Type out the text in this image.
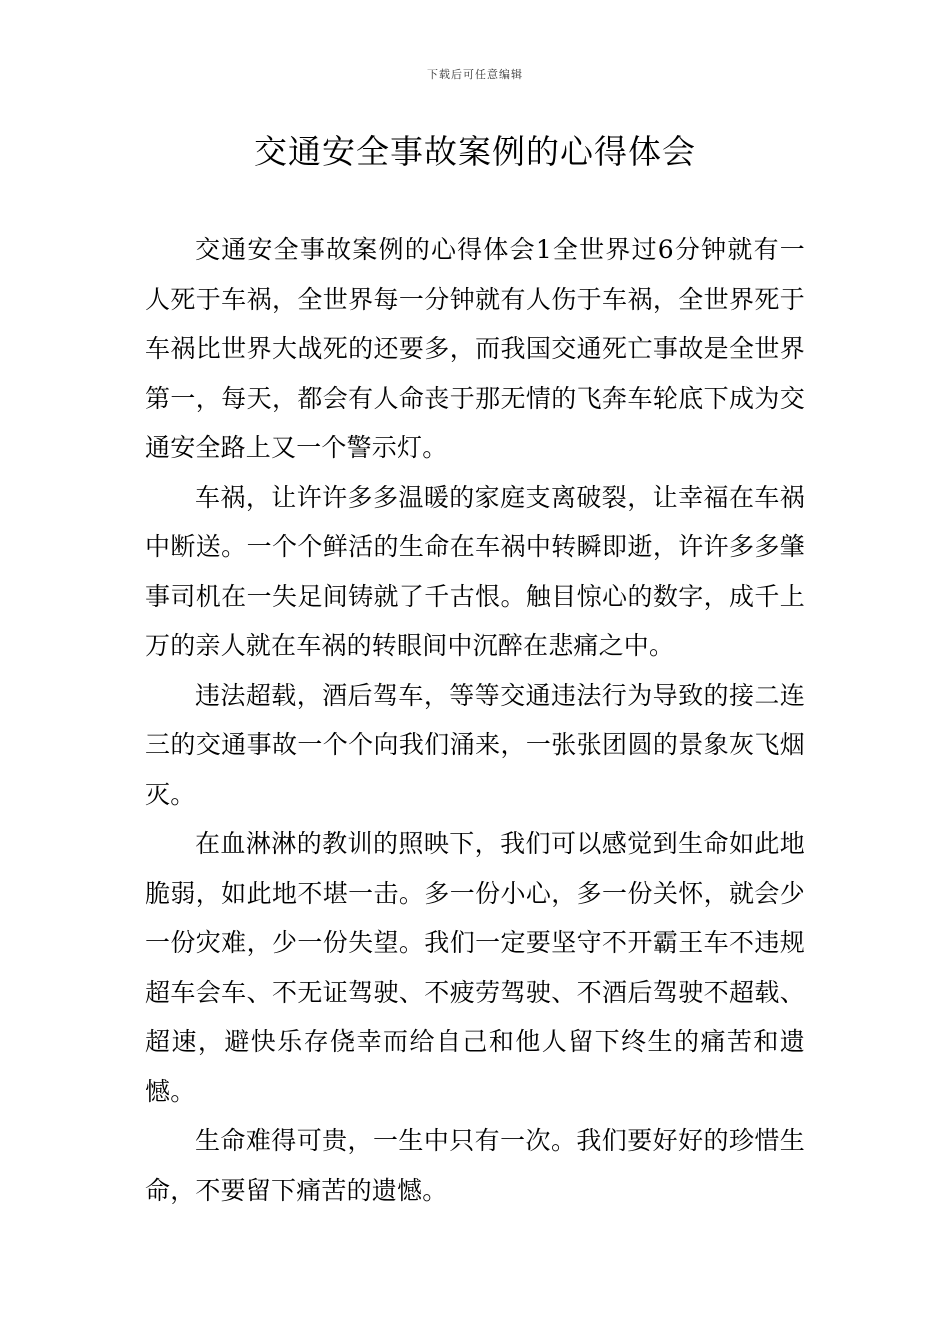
下载后可任意编辑
交通安全事故案例的心得体会

交通安全事故案例的心得体会1全世界过6分钟就有一人死于车祸，全世界每一分钟就有人伤于车祸，全世界死于车祸比世界大战死的还要多，而我国交通死亡事故是全世界第一，每天，都会有人命丧于那无情的飞奔车轮底下成为交通安全路上又一个警示灯。

车祸，让许许多多温暖的家庭支离破裂，让幸福在车祸中断送。一个个鲜活的生命在车祸中转瞬即逝，许许多多肇事司机在一失足间铸就了千古恨。触目惊心的数字，成千上万的亲人就在车祸的转眼间中沉醉在悲痛之中。

违法超载，酒后驾车，等等交通违法行为导致的接二连三的交通事故一个个向我们涌来，一张张团圆的景象灰飞烟灭。

在血淋淋的教训的照映下，我们可以感觉到生命如此地脆弱，如此地不堪一击。多一份小心，多一份关怀，就会少一份灾难，少一份失望。我们一定要坚守不开霸王车不违规超车会车、不无证驾驶、不疲劳驾驶、不酒后驾驶不超载、超速，避快乐存侥幸而给自己和他人留下终生的痛苦和遗憾。

生命难得可贵，一生中只有一次。我们要好好的珍惜生命，不要留下痛苦的遗憾。
